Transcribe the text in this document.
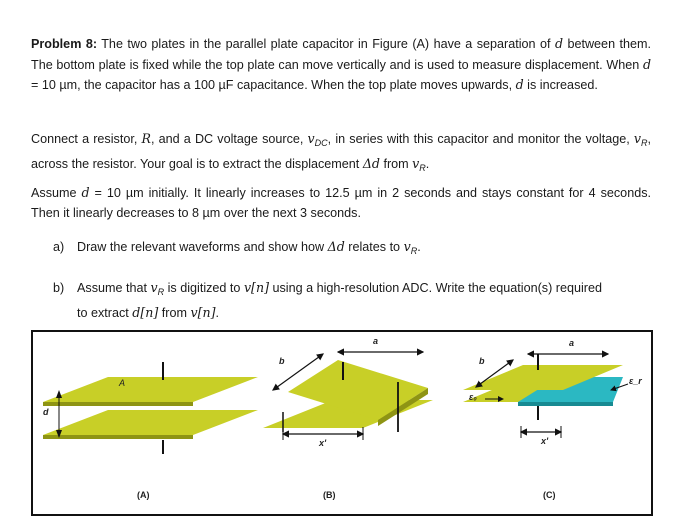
Problem 8: The two plates in the parallel plate capacitor in Figure (A) have a separation of d between them. The bottom plate is fixed while the top plate can move vertically and is used to measure displacement. When d = 10 µm, the capacitor has a 100 µF capacitance. When the top plate moves upwards, d is increased.
Connect a resistor, R, and a DC voltage source, $v_{DC}$, in series with this capacitor and monitor the voltage, $v_R$, across the resistor. Your goal is to extract the displacement Δd from $v_R$.
Assume d = 10 µm initially. It linearly increases to 12.5 µm in 2 seconds and stays constant for 4 seconds. Then it linearly decreases to 8 µm over the next 3 seconds.
a) Draw the relevant waveforms and show how Δd relates to $v_R$.
b) Assume that $v_R$ is digitized to v[n] using a high-resolution ADC. Write the equation(s) required
to extract d[n] from v[n].
A
d
b
a
x'
b
a
x'
ε₀
ε_r
(A)	(B)	(C)
